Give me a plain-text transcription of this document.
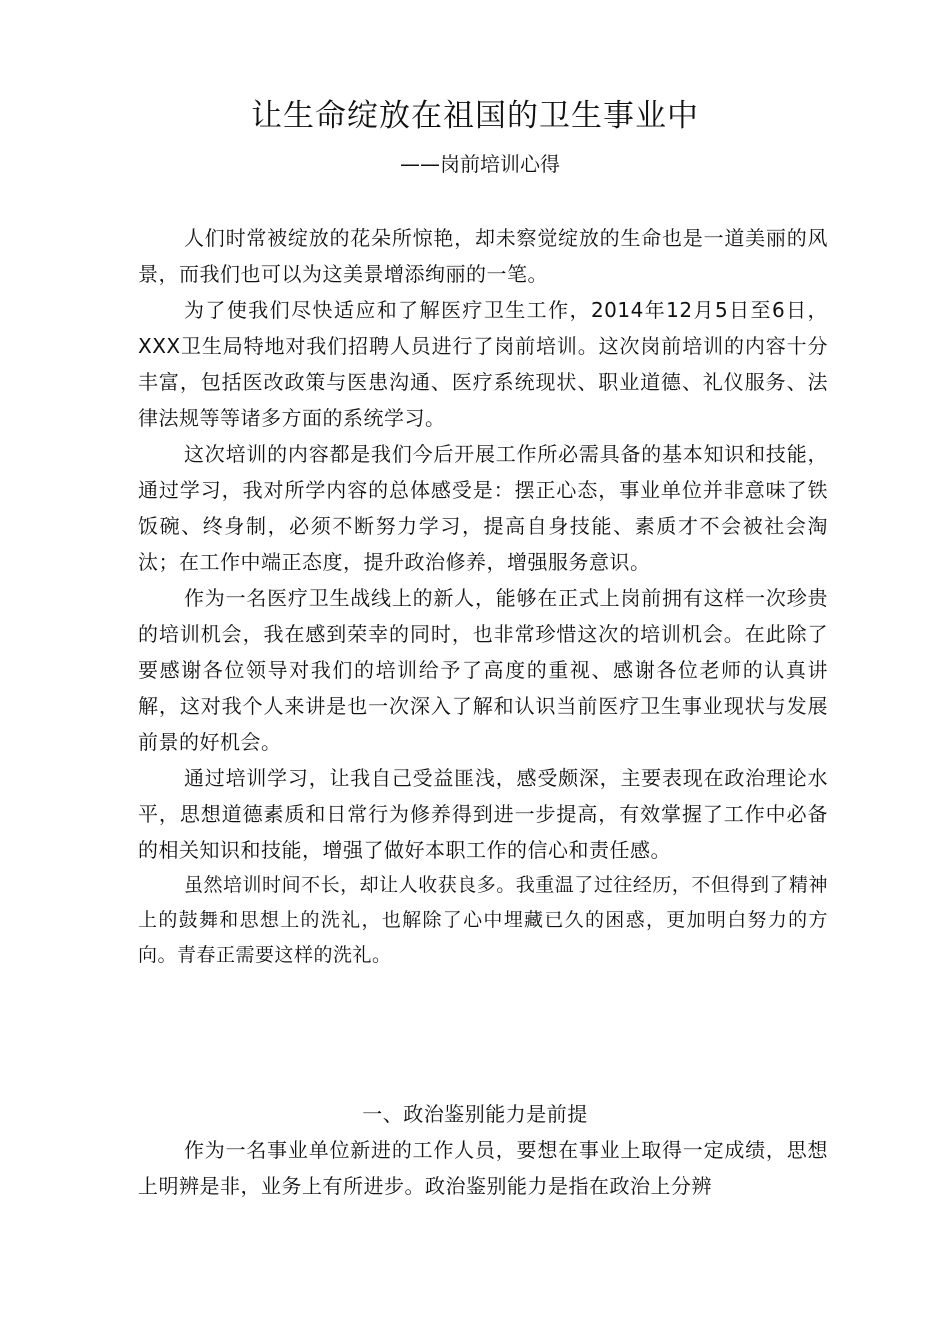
让生命绽放在祖国的卫生事业中
——岗前培训心得

人们时常被绽放的花朵所惊艳，却未察觉绽放的生命也是一道美丽的风景，而我们也可以为这美景增添绚丽的一笔。

为了使我们尽快适应和了解医疗卫生工作，2014年12月5日至6日，XXX卫生局特地对我们招聘人员进行了岗前培训。这次岗前培训的内容十分丰富，包括医改政策与医患沟通、医疗系统现状、职业道德、礼仪服务、法律法规等等诸多方面的系统学习。

这次培训的内容都是我们今后开展工作所必需具备的基本知识和技能，通过学习，我对所学内容的总体感受是：摆正心态，事业单位并非意味了铁饭碗、终身制，必须不断努力学习，提高自身技能、素质才不会被社会淘汰；在工作中端正态度，提升政治修养，增强服务意识。

作为一名医疗卫生战线上的新人，能够在正式上岗前拥有这样一次珍贵的培训机会，我在感到荣幸的同时，也非常珍惜这次的培训机会。在此除了要感谢各位领导对我们的培训给予了高度的重视、感谢各位老师的认真讲解，这对我个人来讲是也一次深入了解和认识当前医疗卫生事业现状与发展前景的好机会。

通过培训学习，让我自己受益匪浅，感受颇深，主要表现在政治理论水平，思想道德素质和日常行为修养得到进一步提高，有效掌握了工作中必备的相关知识和技能，增强了做好本职工作的信心和责任感。

虽然培训时间不长，却让人收获良多。我重温了过往经历，不但得到了精神上的鼓舞和思想上的洗礼，也解除了心中埋藏已久的困惑，更加明白努力的方向。青春正需要这样的洗礼。

一、政治鉴别能力是前提

作为一名事业单位新进的工作人员，要想在事业上取得一定成绩，思想上明辨是非，业务上有所进步。政治鉴别能力是指在政治上分辨
